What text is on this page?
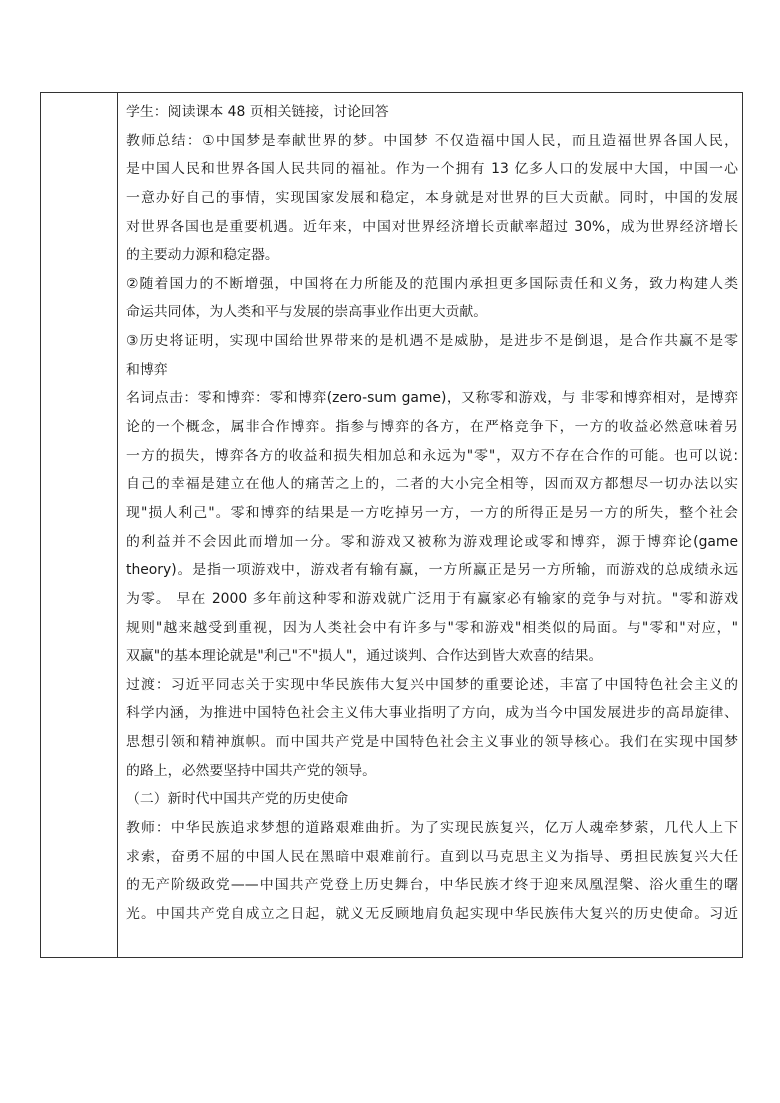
学生：阅读课本 48 页相关链接，讨论回答
教师总结：①中国梦是奉献世界的梦。中国梦 不仅造福中国人民，而且造福世界各国人民，
是中国人民和世界各国人民共同的福祉。作为一个拥有 13 亿多人口的发展中大国，中国一心
一意办好自己的事情，实现国家发展和稳定，本身就是对世界的巨大贡献。同时，中国的发展
对世界各国也是重要机遇。近年来，中国对世界经济增长贡献率超过 30%，成为世界经济增长
的主要动力源和稳定器。
②随着国力的不断增强，中国将在力所能及的范围内承担更多国际责任和义务，致力构建人类
命运共同体，为人类和平与发展的崇高事业作出更大贡献。
③历史将证明，实现中国给世界带来的是机遇不是威胁，是进步不是倒退，是合作共赢不是零
和博弈
名词点击：零和博弈：零和博弈(zero-sum game)，又称零和游戏，与 非零和博弈相对，是博弈
论的一个概念，属非合作博弈。指参与博弈的各方，在严格竞争下，一方的收益必然意味着另
一方的损失，博弈各方的收益和损失相加总和永远为"零"，双方不存在合作的可能。也可以说:
自己的幸福是建立在他人的痛苦之上的，二者的大小完全相等，因而双方都想尽一切办法以实
现"损人利己"。零和博弈的结果是一方吃掉另一方，一方的所得正是另一方的所失，整个社会
的利益并不会因此而增加一分。零和游戏又被称为游戏理论或零和博弈，源于博弈论(game
theory)。是指一项游戏中，游戏者有输有赢，一方所赢正是另一方所输，而游戏的总成绩永远
为零。 早在 2000 多年前这种零和游戏就广泛用于有赢家必有输家的竞争与对抗。"零和游戏
规则"越来越受到重视，因为人类社会中有许多与"零和游戏"相类似的局面。与"零和"对应，"
双赢"的基本理论就是"利己"不"损人"，通过谈判、合作达到皆大欢喜的结果。
过渡：习近平同志关于实现中华民族伟大复兴中国梦的重要论述，丰富了中国特色社会主义的
科学内涵，为推进中国特色社会主义伟大事业指明了方向，成为当今中国发展进步的高昂旋律、
思想引领和精神旗帜。而中国共产党是中国特色社会主义事业的领导核心。我们在实现中国梦
的路上，必然要坚持中国共产党的领导。
（二）新时代中国共产党的历史使命
教师：中华民族追求梦想的道路艰难曲折。为了实现民族复兴，亿万人魂牵梦萦，几代人上下
求索，奋勇不屈的中国人民在黑暗中艰难前行。直到以马克思主义为指导、勇担民族复兴大任
的无产阶级政党——中国共产党登上历史舞台，中华民族才终于迎来凤凰涅槃、浴火重生的曙
光。中国共产党自成立之日起，就义无反顾地肩负起实现中华民族伟大复兴的历史使命。习近
